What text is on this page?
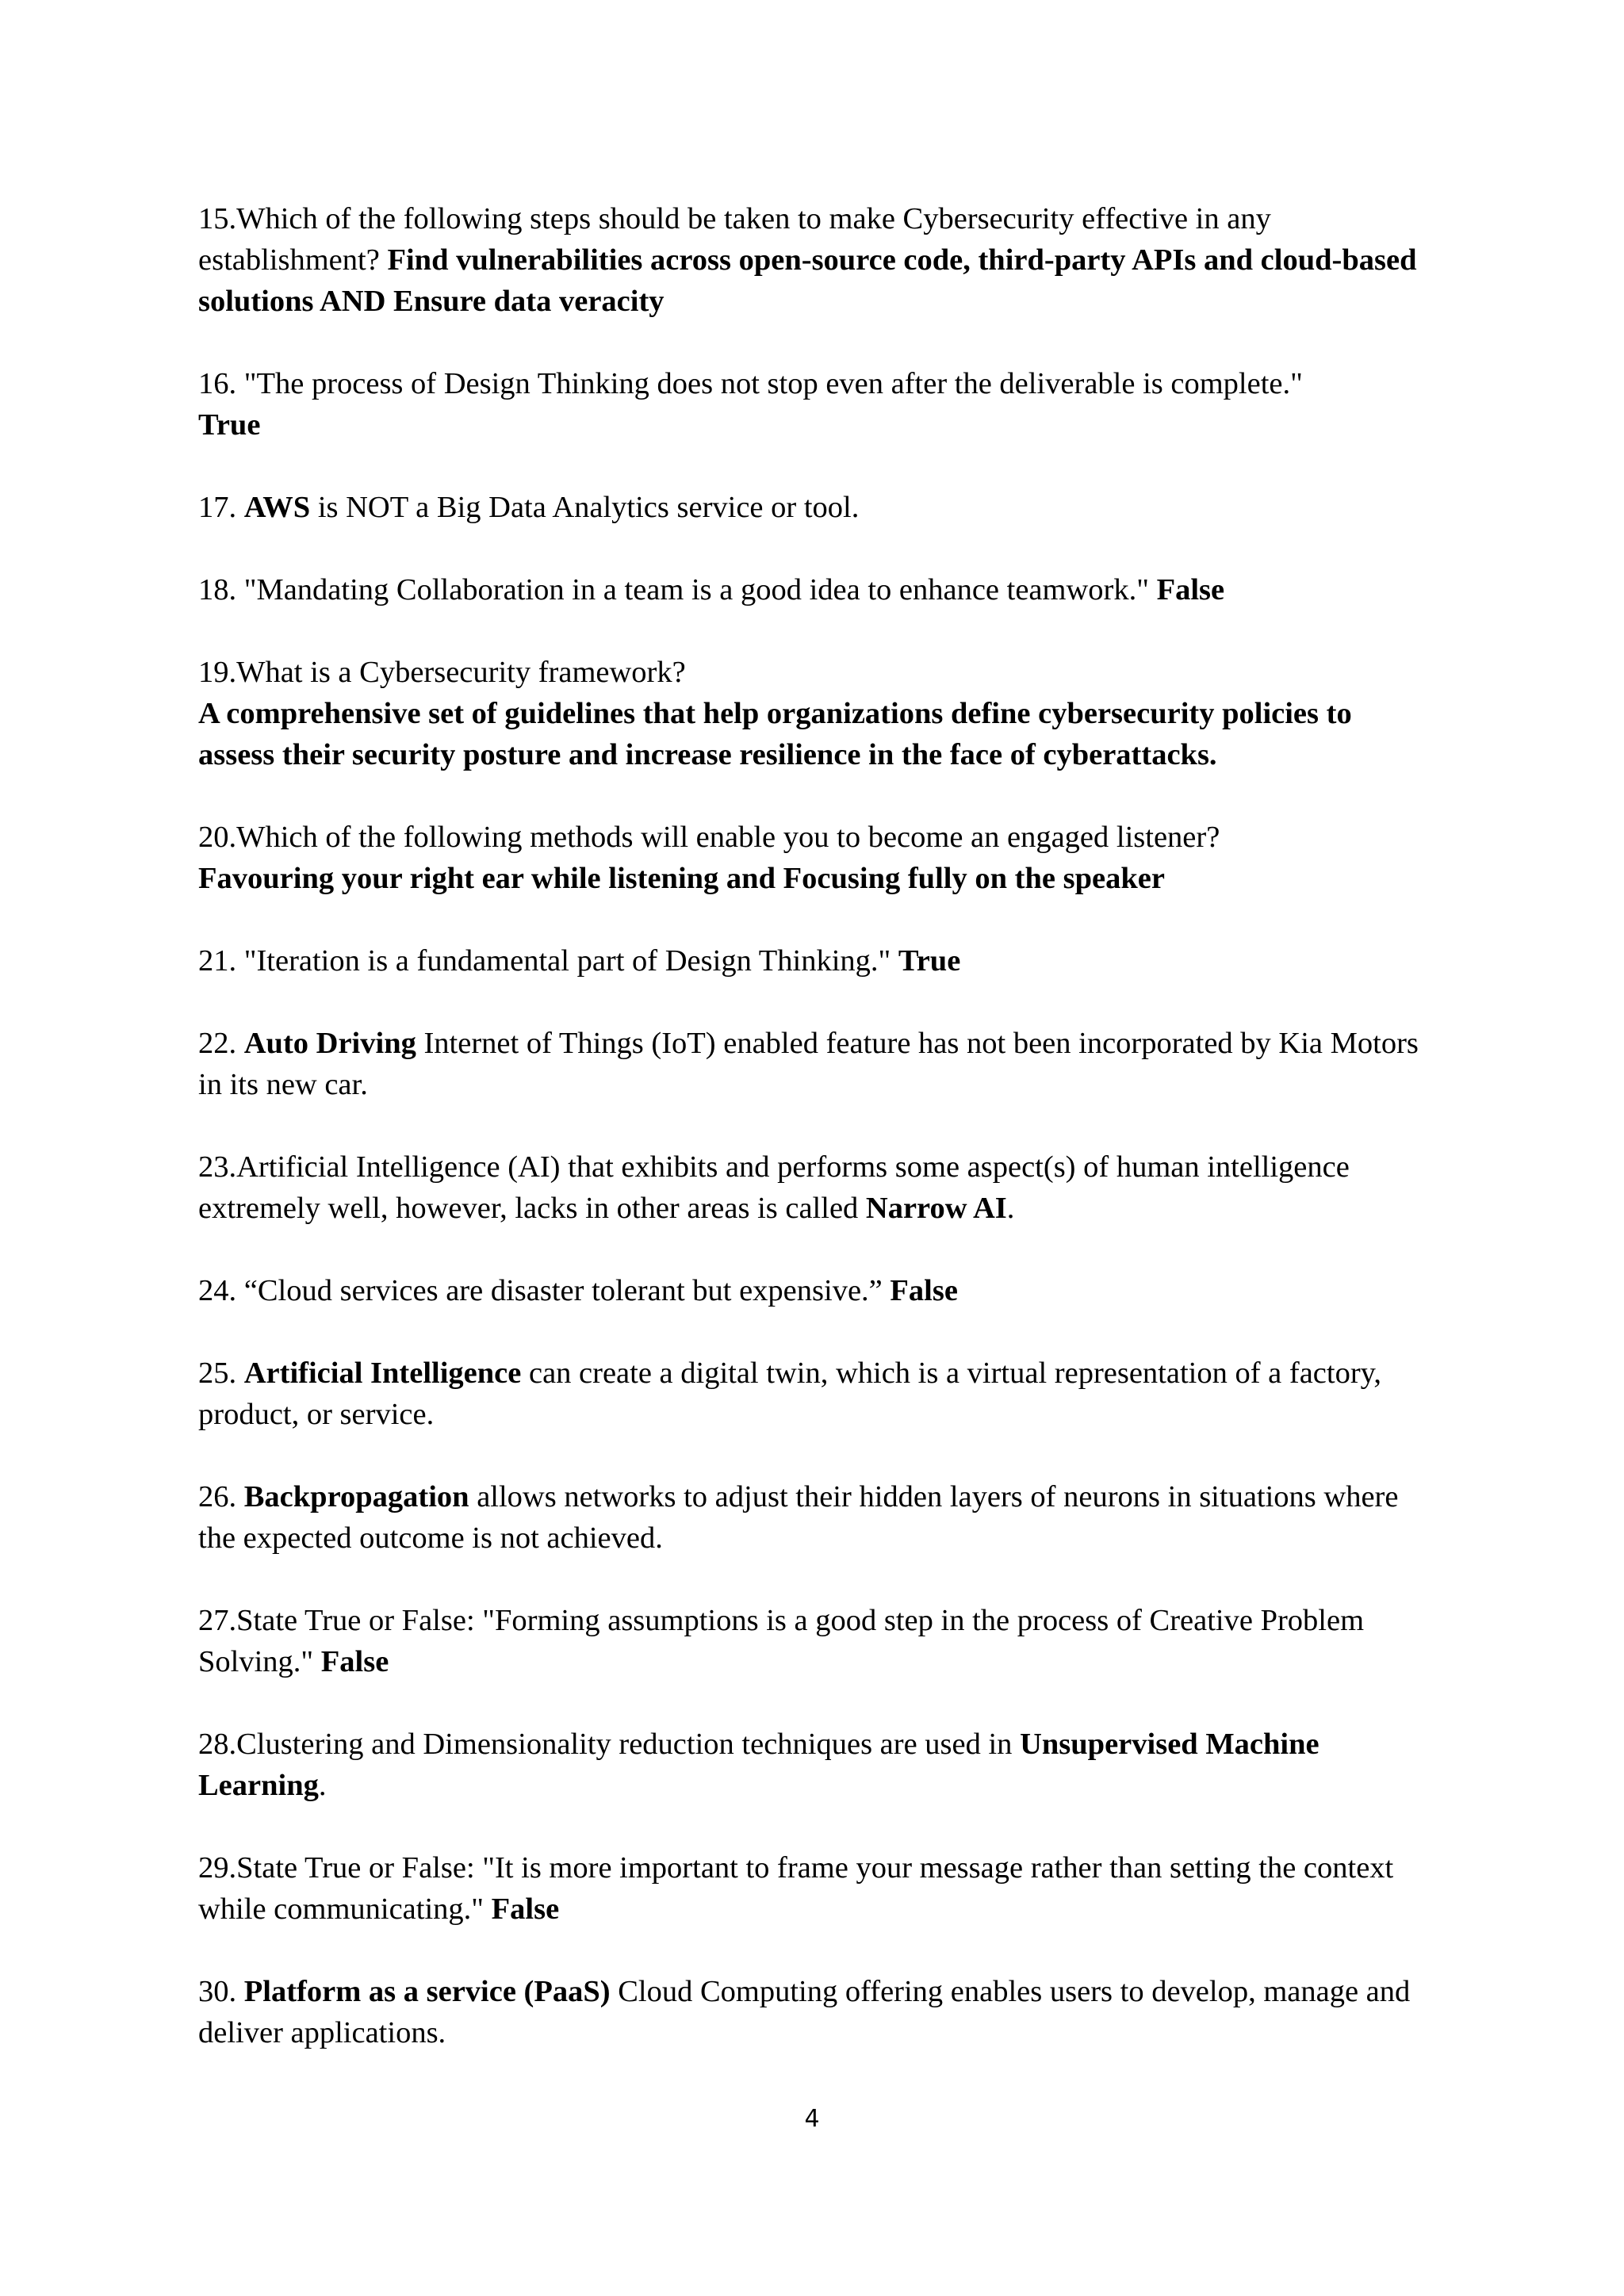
15.Which of the following steps should be taken to make Cybersecurity effective in any establishment? Find vulnerabilities across open-source code, third-party APIs and cloud-based solutions AND Ensure data veracity

16. "The process of Design Thinking does not stop even after the deliverable is complete."
True

17. AWS is NOT a Big Data Analytics service or tool.

18. "Mandating Collaboration in a team is a good idea to enhance teamwork." False

19.What is a Cybersecurity framework?
A comprehensive set of guidelines that help organizations define cybersecurity policies to assess their security posture and increase resilience in the face of cyberattacks.

20.Which of the following methods will enable you to become an engaged listener?
Favouring your right ear while listening and Focusing fully on the speaker

21. "Iteration is a fundamental part of Design Thinking." True

22. Auto Driving Internet of Things (IoT) enabled feature has not been incorporated by Kia Motors in its new car.

23.Artificial Intelligence (AI) that exhibits and performs some aspect(s) of human intelligence extremely well, however, lacks in other areas is called Narrow AI.

24. “Cloud services are disaster tolerant but expensive.” False

25. Artificial Intelligence can create a digital twin, which is a virtual representation of a factory, product, or service.

26. Backpropagation allows networks to adjust their hidden layers of neurons in situations where the expected outcome is not achieved.

27.State True or False: "Forming assumptions is a good step in the process of Creative Problem Solving." False

28.Clustering and Dimensionality reduction techniques are used in Unsupervised Machine Learning.

29.State True or False: "It is more important to frame your message rather than setting the context while communicating." False

30. Platform as a service (PaaS) Cloud Computing offering enables users to develop, manage and deliver applications.

4
